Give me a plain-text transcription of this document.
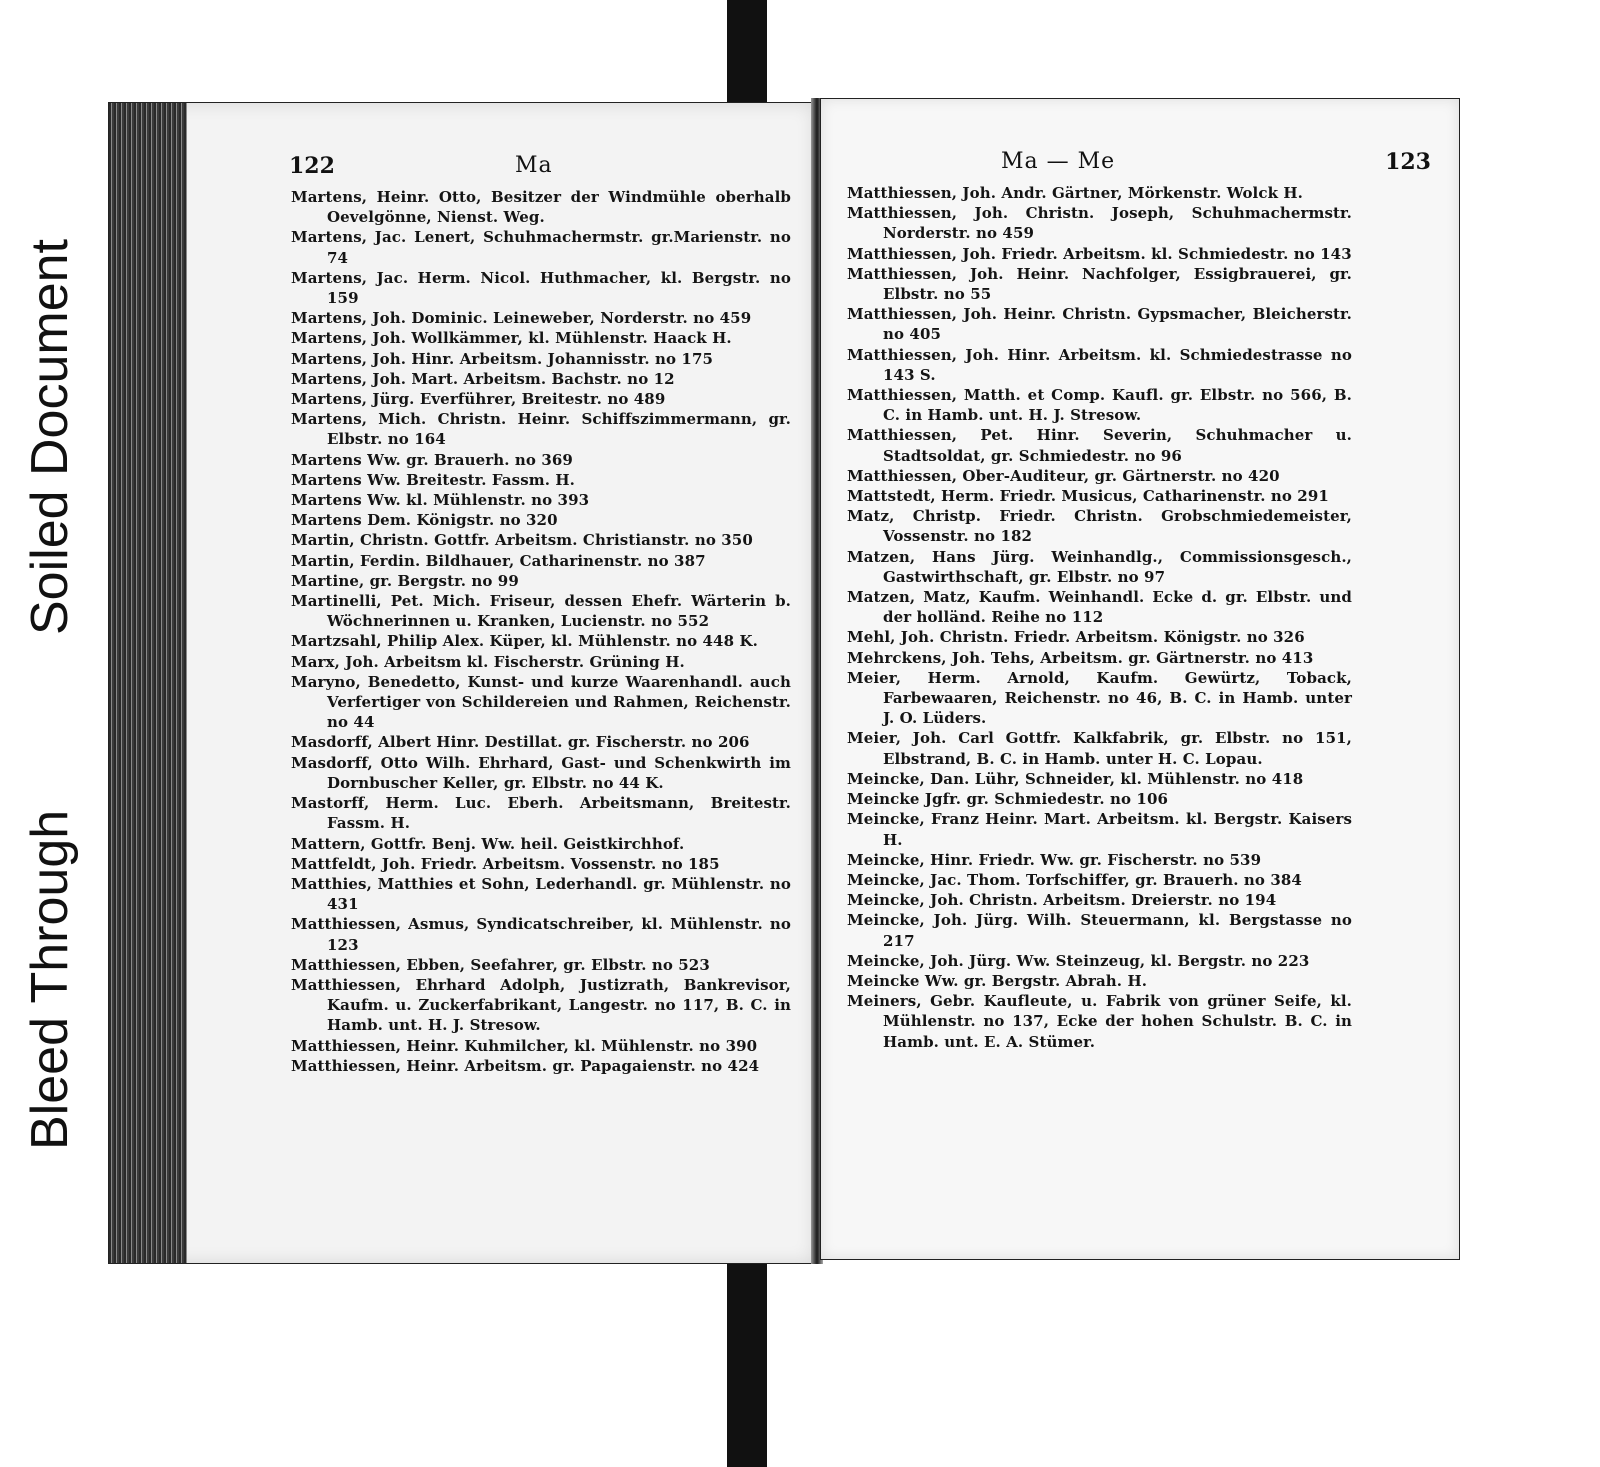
Bleed Through
Soiled Document
122	Ma
Martens, Heinr. Otto, Besitzer der Windmühle oberhalb Oevelgönne, Nienst. Weg.
Martens, Jac. Lenert, Schuhmachermstr. gr.Marienstr. no 74
Martens, Jac. Herm. Nicol. Huthmacher, kl. Bergstr. no 159
Martens, Joh. Dominic. Leineweber, Norderstr. no 459
Martens, Joh. Wollkämmer, kl. Mühlenstr. Haack H.
Martens, Joh. Hinr. Arbeitsm. Johannisstr. no 175
Martens, Joh. Mart. Arbeitsm. Bachstr. no 12
Martens, Jürg. Everführer, Breitestr. no 489
Martens, Mich. Christn. Heinr. Schiffszimmermann, gr. Elbstr. no 164
Martens Ww. gr. Brauerh. no 369
Martens Ww. Breitestr. Fassm. H.
Martens Ww. kl. Mühlenstr. no 393
Martens Dem. Königstr. no 320
Martin, Christn. Gottfr. Arbeitsm. Christianstr. no 350
Martin, Ferdin. Bildhauer, Catharinenstr. no 387
Martine, gr. Bergstr. no 99
Martinelli, Pet. Mich. Friseur, dessen Ehefr. Wärterin b. Wöchnerinnen u. Kranken, Lucienstr. no 552
Martzsahl, Philip Alex. Küper, kl. Mühlenstr. no 448 K.
Marx, Joh. Arbeitsm kl. Fischerstr. Grüning H.
Maryno, Benedetto, Kunst- und kurze Waarenhandl. auch Verfertiger von Schildereien und Rahmen, Reichenstr. no 44
Masdorff, Albert Hinr. Destillat. gr. Fischerstr. no 206
Masdorff, Otto Wilh. Ehrhard, Gast- und Schenkwirth im Dornbuscher Keller, gr. Elbstr. no 44 K.
Mastorff, Herm. Luc. Eberh. Arbeitsmann, Breitestr. Fassm. H.
Mattern, Gottfr. Benj. Ww. heil. Geistkirchhof.
Mattfeldt, Joh. Friedr. Arbeitsm. Vossenstr. no 185
Matthies, Matthies et Sohn, Lederhandl. gr. Mühlenstr. no 431
Matthiessen, Asmus, Syndicatschreiber, kl. Mühlenstr. no 123
Matthiessen, Ebben, Seefahrer, gr. Elbstr. no 523
Matthiessen, Ehrhard Adolph, Justizrath, Bankrevisor, Kaufm. u. Zuckerfabrikant, Langestr. no 117, B. C. in Hamb. unt. H. J. Stresow.
Matthiessen, Heinr. Kuhmilcher, kl. Mühlenstr. no 390
Matthiessen, Heinr. Arbeitsm. gr. Papagaienstr. no 424
Ma — Me	123
Matthiessen, Joh. Andr. Gärtner, Mörkenstr. Wolck H.
Matthiessen, Joh. Christn. Joseph, Schuhmachermstr. Norderstr. no 459
Matthiessen, Joh. Friedr. Arbeitsm. kl. Schmiedestr. no 143
Matthiessen, Joh. Heinr. Nachfolger, Essigbrauerei, gr. Elbstr. no 55
Matthiessen, Joh. Heinr. Christn. Gypsmacher, Bleicherstr. no 405
Matthiessen, Joh. Hinr. Arbeitsm. kl. Schmiedestrasse no 143 S.
Matthiessen, Matth. et Comp. Kaufl. gr. Elbstr. no 566, B. C. in Hamb. unt. H. J. Stresow.
Matthiessen, Pet. Hinr. Severin, Schuhmacher u. Stadtsoldat, gr. Schmiedestr. no 96
Matthiessen, Ober-Auditeur, gr. Gärtnerstr. no 420
Mattstedt, Herm. Friedr. Musicus, Catharinenstr. no 291
Matz, Christp. Friedr. Christn. Grobschmiedemeister, Vossenstr. no 182
Matzen, Hans Jürg. Weinhandlg., Commissionsgesch., Gastwirthschaft, gr. Elbstr. no 97
Matzen, Matz, Kaufm. Weinhandl. Ecke d. gr. Elbstr. und der holländ. Reihe no 112
Mehl, Joh. Christn. Friedr. Arbeitsm. Königstr. no 326
Mehrckens, Joh. Tehs, Arbeitsm. gr. Gärtnerstr. no 413
Meier, Herm. Arnold, Kaufm. Gewürtz, Toback, Farbewaaren, Reichenstr. no 46, B. C. in Hamb. unter J. O. Lüders.
Meier, Joh. Carl Gottfr. Kalkfabrik, gr. Elbstr. no 151, Elbstrand, B. C. in Hamb. unter H. C. Lopau.
Meincke, Dan. Lühr, Schneider, kl. Mühlenstr. no 418
Meincke Jgfr. gr. Schmiedestr. no 106
Meincke, Franz Heinr. Mart. Arbeitsm. kl. Bergstr. Kaisers H.
Meincke, Hinr. Friedr. Ww. gr. Fischerstr. no 539
Meincke, Jac. Thom. Torfschiffer, gr. Brauerh. no 384
Meincke, Joh. Christn. Arbeitsm. Dreierstr. no 194
Meincke, Joh. Jürg. Wilh. Steuermann, kl. Bergstasse no 217
Meincke, Joh. Jürg. Ww. Steinzeug, kl. Bergstr. no 223
Meincke Ww. gr. Bergstr. Abrah. H.
Meiners, Gebr. Kaufleute, u. Fabrik von grüner Seife, kl. Mühlenstr. no 137, Ecke der hohen Schulstr. B. C. in Hamb. unt. E. A. Stümer.
